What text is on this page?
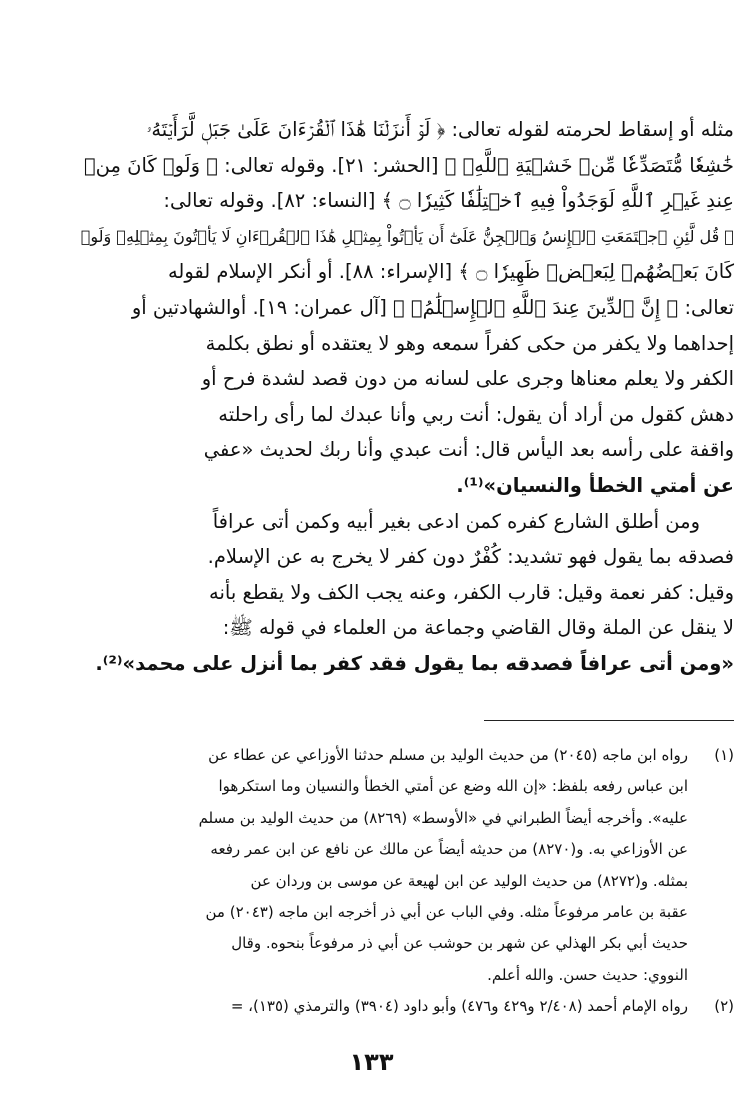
مثله أو إسقاط لحرمته لقوله تعالى: ﴿ لَوۡ أَنزَلۡنَا هَٰذَا ٱلۡقُرۡءَانَ عَلَىٰ جَبَلٖ لَّرَأَيۡتَهُۥ
خَٰشِعٗا مُّتَصَدِّعٗا مِّنۡ خَشۡيَةِ ٱللَّهِۚ ﴾ [الحشر: ٢١]. وقوله تعالى: ﴿ وَلَوۡ كَانَ مِنۡ
عِندِ غَيۡرِ ٱللَّهِ لَوَجَدُواْ فِيهِ ٱخۡتِلَٰفٗا كَثِيرٗا ۝ ﴾ [النساء: ٨٢]. وقوله تعالى:
﴿ قُل لَّئِنِ ٱجۡتَمَعَتِ ٱلۡإِنسُ وَٱلۡجِنُّ عَلَىٰٓ أَن يَأۡتُواْ بِمِثۡلِ هَٰذَا ٱلۡقُرۡءَانِ لَا يَأۡتُونَ بِمِثۡلِهِۦ وَلَوۡ
كَانَ بَعۡضُهُمۡ لِبَعۡضٖ ظَهِيرٗا ۝ ﴾ [الإسراء: ٨٨]. أو أنكر الإسلام لقوله
تعالى: ﴿ إِنَّ ٱلدِّينَ عِندَ ٱللَّهِ ٱلۡإِسۡلَٰمُۗ ﴾ [آل عمران: ١٩]. أوالشهادتين أو
إحداهما ولا يكفر من حكى كفراً سمعه وهو لا يعتقده أو نطق بكلمة
الكفر ولا يعلم معناها وجرى على لسانه من دون قصد لشدة فرح أو
دهش كقول من أراد أن يقول: أنت ربي وأنا عبدك لما رأى راحلته
واقفة على رأسه بعد اليأس قال: أنت عبدي وأنا ربك لحديث «عفي
عن أمتي الخطأ والنسيان»⁽¹⁾.
ومن أطلق الشارع كفره كمن ادعى بغير أبيه وكمن أتى عرافاً
فصدقه بما يقول فهو تشديد: كُفْرٌ دون كفر لا يخرج به عن الإسلام.
وقيل: كفر نعمة وقيل: قارب الكفر، وعنه يجب الكف ولا يقطع بأنه
لا ينقل عن الملة وقال القاضي وجماعة من العلماء في قوله ﷺ:
«ومن أتى عرافاً فصدقه بما يقول فقد كفر بما أنزل على محمد»⁽²⁾.
(١)
رواه ابن ماجه (٢٠٤٥) من حديث الوليد بن مسلم حدثنا الأوزاعي عن عطاء عن
ابن عباس رفعه بلفظ: «إن الله وضع عن أمتي الخطأ والنسيان وما استكرهوا
عليه». وأخرجه أيضاً الطبراني في «الأوسط» (٨٢٦٩) من حديث الوليد بن مسلم
عن الأوزاعي به. و(٨٢٧٠) من حديثه أيضاً عن مالك عن نافع عن ابن عمر رفعه
بمثله. و(٨٢٧٢) من حديث الوليد عن ابن لهيعة عن موسى بن وردان عن
عقبة بن عامر مرفوعاً مثله. وفي الباب عن أبي ذر أخرجه ابن ماجه (٢٠٤٣) من
حديث أبي بكر الهذلي عن شهر بن حوشب عن أبي ذر مرفوعاً بنحوه. وقال
النووي: حديث حسن. والله أعلم.
(٢)
رواه الإمام أحمد (٢/٤٠٨ و٤٢٩ و٤٧٦) وأبو داود (٣٩٠٤) والترمذي (١٣٥)، =
١٣٣
